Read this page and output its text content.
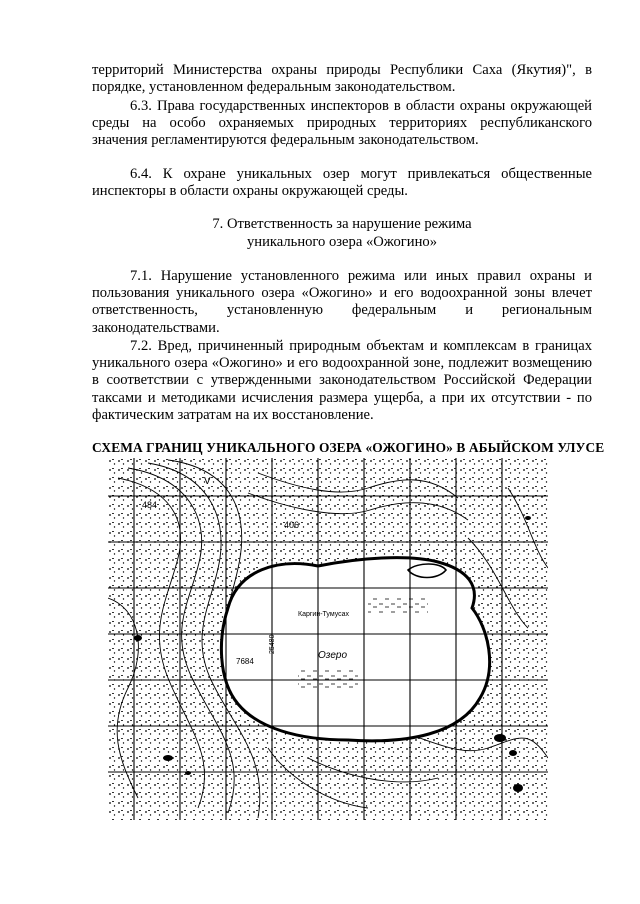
территорий Министерства охраны природы Республики Саха (Якутия)", в порядке, установленном федеральным законодательством.

6.3. Права государственных инспекторов в области охраны окружающей среды на особо охраняемых природных территориях республиканского значения регламентируются федеральным законодательством.

6.4. К охране уникальных озер могут привлекаться общественные инспекторы в области охраны окружающей среды.

7. Ответственность за нарушение режима
уникального озера «Ожогино»

7.1. Нарушение установленного режима или иных правил охраны и пользования уникального озера «Ожогино» и его водоохранной зоны влечет ответственность, установленную федеральным и региональным законодательствами.

7.2. Вред, причиненный природным объектам и комплексам в границах уникального озера «Ожогино» и его водоохранной зоне, подлежит возмещению в соответствии с утвержденными законодательством Российской Федерации таксами и методиками исчисления размера ущерба, а при их отсутствии - по фактическим затратам на их восстановление.

СХЕМА ГРАНИЦ УНИКАЛЬНОГО ОЗЕРА «ОЖОГИНО» В АБЫЙСКОМ УЛУСЕ
484
406
V
Каргин-Тумусах
Озеро
25480
7684
